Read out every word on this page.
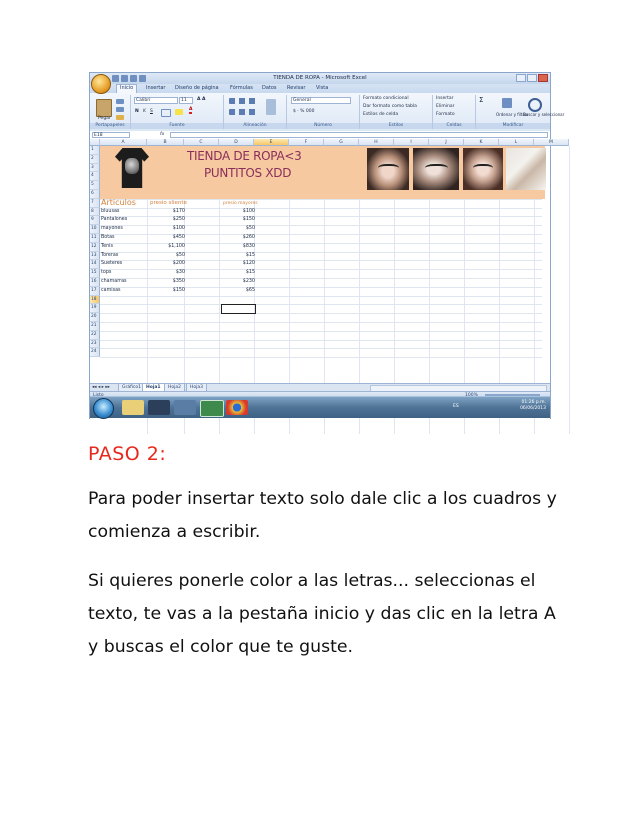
TIENDA DE ROPA - Microsoft Excel
Inicio	Insertar Diseño de página Fórmulas Datos Revisar Vista
Pegar
Portapapeles
Calibri	11	A A
N K S	A
Fuente	Alineación
General
$ · % 000
Número
Formato condicional
Dar formato como tabla
Estilos de celda
Estilos
Insertar
Eliminar
Formato
Celdas
Σ
Ordenar y filtrar
Buscar y seleccionar
Modificar
E18	fx
A	B	C	D	E	F	G	H	I	J	K	L	M
1
2
3
4
5
6
7
8
9
10
11
12
13
14
15
16
17
18
19
20
21
22
23
24
TIENDA DE ROPA<3
PUNTITOS XDD
Articulos	presio sliente	presio mayores
bluusas	$170	$100
Pantalones	$250	$150
mayones	$100	$50
Botas	$450	$260
Tenis	$1,100	$830
Toreras	$50	$15
Sueteres	$200	$120
tops	$30	$15
chamarras	$350	$230
camisas	$150	$65
◂◂ ◂ ▸ ▸▸	Gráfico1	Hoja1	Hoja2	Hoja3
ES
01:26 p.m.
06/06/2013
PASO 2:

Para poder insertar texto solo dale clic a los cuadros y comienza a escribir.

Si quieres ponerle color a las letras... seleccionas el texto, te vas a la pestaña inicio y das clic en la letra A y buscas el color que te guste.
